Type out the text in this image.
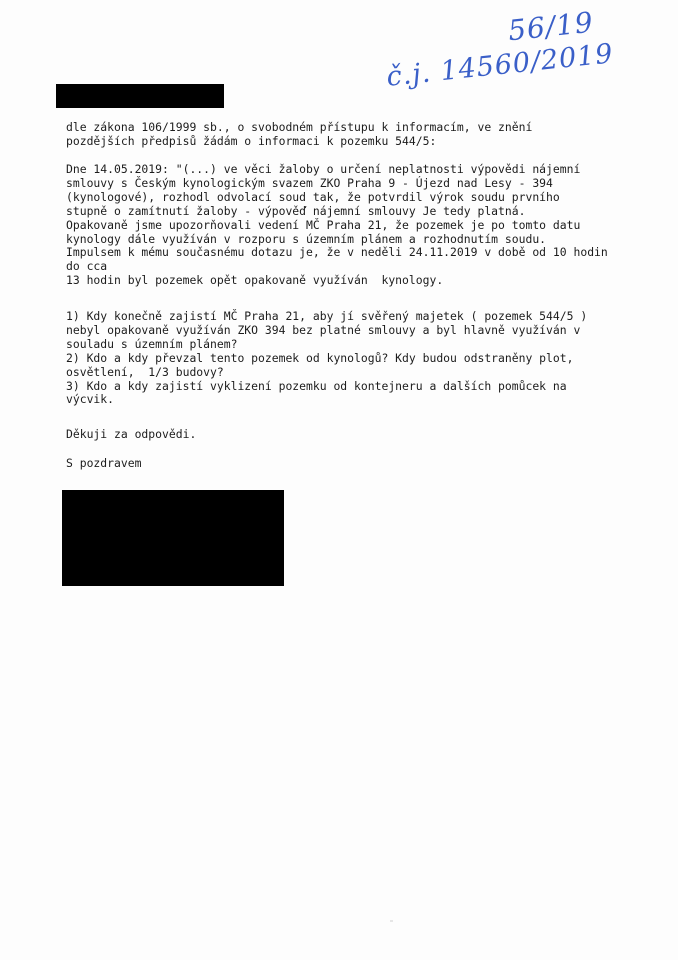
56/19
č.j. 14560/2019
dle zákona 106/1999 sb., o svobodném přístupu k informacím, ve znění
pozdějších předpisů žádám o informaci k pozemku 544/5:
Dne 14.05.2019: "(...) ve věci žaloby o určení neplatnosti výpovědi nájemní
smlouvy s Českým kynologickým svazem ZKO Praha 9 - Újezd nad Lesy - 394
(kynologové), rozhodl odvolací soud tak, že potvrdil výrok soudu prvního
stupně o zamítnutí žaloby - výpověď nájemní smlouvy Je tedy platná.
Opakovaně jsme upozorňovali vedení MČ Praha 21, že pozemek je po tomto datu
kynology dále využíván v rozporu s územním plánem a rozhodnutím soudu.
Impulsem k mému současnému dotazu je, že v neděli 24.11.2019 v době od 10 hodin
do cca
13 hodin byl pozemek opět opakovaně využíván  kynology.
1) Kdy konečně zajistí MČ Praha 21, aby jí svěřený majetek ( pozemek 544/5 )
nebyl opakovaně využíván ZKO 394 bez platné smlouvy a byl hlavně využíván v
souladu s územním plánem?
2) Kdo a kdy převzal tento pozemek od kynologů? Kdy budou odstraněny plot,
osvětlení,  1/3 budovy?
3) Kdo a kdy zajistí vyklizení pozemku od kontejneru a dalších pomůcek na
výcvik.
Děkuji za odpovědi.
S pozdravem
